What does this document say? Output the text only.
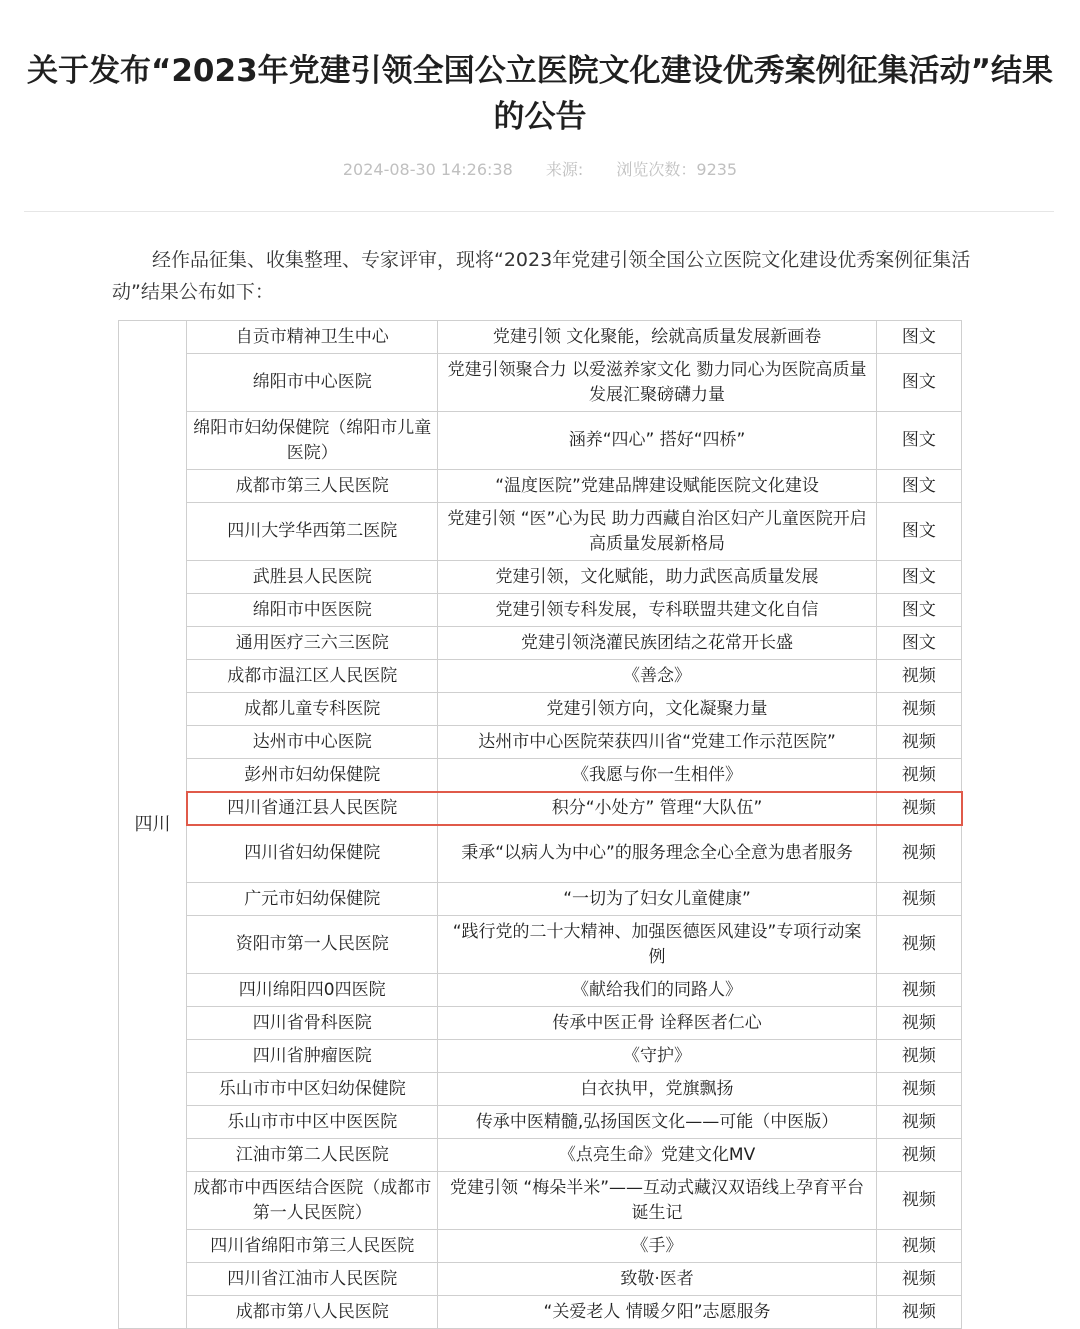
关于发布“2023年党建引领全国公立医院文化建设优秀案例征集活动”结果的公告
2024-08-30 14:26:38 来源: 浏览次数：9235

经作品征集、收集整理、专家评审，现将“2023年党建引领全国公立医院文化建设优秀案例征集活动”结果公布如下：

四川	自贡市精神卫生中心	党建引领 文化聚能，绘就高质量发展新画卷	图文
	绵阳市中心医院	党建引领聚合力 以爱滋养家文化 勠力同心为医院高质量发展汇聚磅礴力量	图文
	绵阳市妇幼保健院（绵阳市儿童医院）	涵养“四心” 搭好“四桥”	图文
	成都市第三人民医院	“温度医院”党建品牌建设赋能医院文化建设	图文
	四川大学华西第二医院	党建引领 “医”心为民 助力西藏自治区妇产儿童医院开启高质量发展新格局	图文
	武胜县人民医院	党建引领，文化赋能，助力武医高质量发展	图文
	绵阳市中医医院	党建引领专科发展，专科联盟共建文化自信	图文
	通用医疗三六三医院	党建引领浇灌民族团结之花常开长盛	图文
	成都市温江区人民医院	《善念》	视频
	成都儿童专科医院	党建引领方向，文化凝聚力量	视频
	达州市中心医院	达州市中心医院荣获四川省“党建工作示范医院”	视频
	彭州市妇幼保健院	《我愿与你一生相伴》	视频
	四川省通江县人民医院	积分“小处方” 管理“大队伍”	视频
	四川省妇幼保健院	秉承“以病人为中心”的服务理念全心全意为患者服务	视频
	广元市妇幼保健院	“一切为了妇女儿童健康”	视频
	资阳市第一人民医院	“践行党的二十大精神、加强医德医风建设”专项行动案例	视频
	四川绵阳四0四医院	《献给我们的同路人》	视频
	四川省骨科医院	传承中医正骨 诠释医者仁心	视频
	四川省肿瘤医院	《守护》	视频
	乐山市市中区妇幼保健院	白衣执甲，党旗飘扬	视频
	乐山市市中区中医医院	传承中医精髓,弘扬国医文化——可能（中医版）	视频
	江油市第二人民医院	《点亮生命》党建文化MV	视频
	成都市中西医结合医院（成都市第一人民医院）	党建引领 “梅朵半米”——互动式藏汉双语线上孕育平台诞生记	视频
	四川省绵阳市第三人民医院	《手》	视频
	四川省江油市人民医院	致敬·医者	视频
	成都市第八人民医院	“关爱老人 情暖夕阳”志愿服务	视频
